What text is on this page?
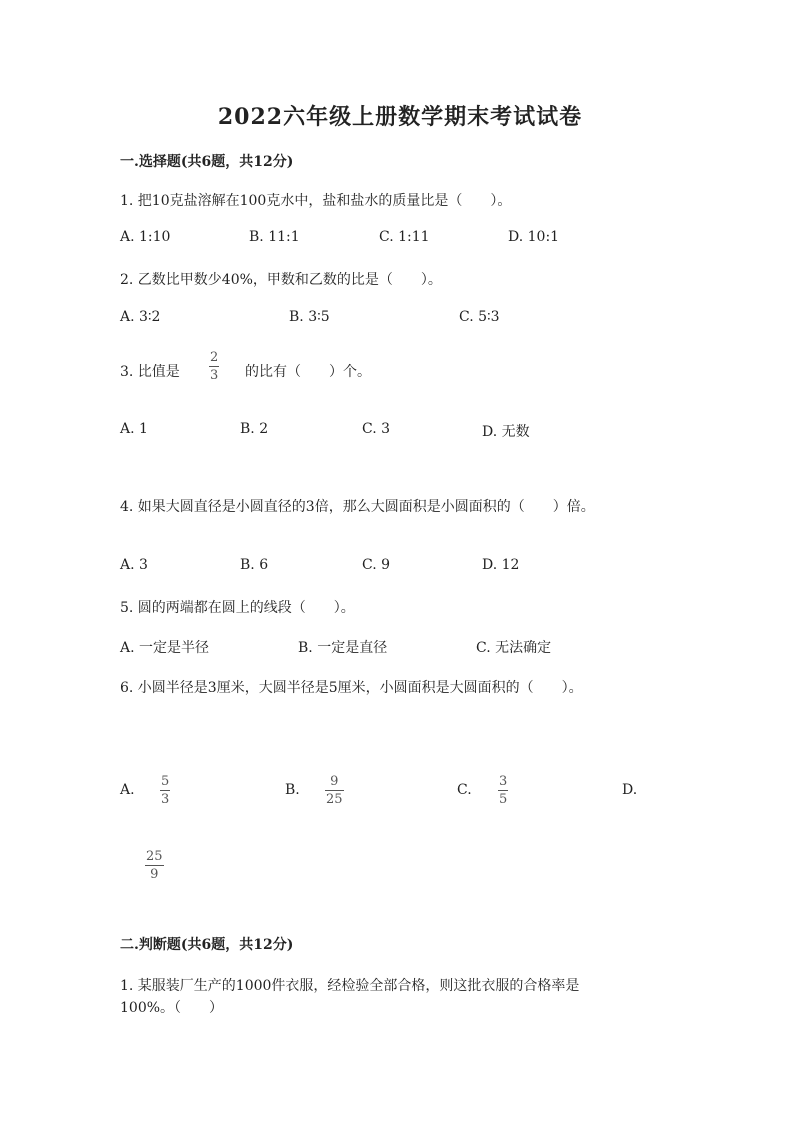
2022六年级上册数学期末考试试卷
一.选择题(共6题，共12分)
1. 把10克盐溶解在100克水中，盐和盐水的质量比是（　　）。
A. 1:10	B. 11:1	C. 1:11	D. 10:1
2. 乙数比甲数少40%，甲数和乙数的比是（　　）。
A. 3∶2	B. 3∶5	C. 5∶3
3. 比值是
2
3 的比有（　　）个。
A. 1	B. 2	C. 3	D. 无数
4. 如果大圆直径是小圆直径的3倍，那么大圆面积是小圆面积的（　　）倍。
A. 3	B. 6	C. 9	D. 12
5. 圆的两端都在圆上的线段（　　）。
A. 一定是半径	B. 一定是直径	C. 无法确定
6. 小圆半径是3厘米，大圆半径是5厘米，小圆面积是大圆面积的（　　）。
A.
5
3
B.
9
25
C.
3
5
D.
25
9
二.判断题(共6题，共12分)
1. 某服装厂生产的1000件衣服，经检验全部合格，则这批衣服的合格率是
100%。（　　）
